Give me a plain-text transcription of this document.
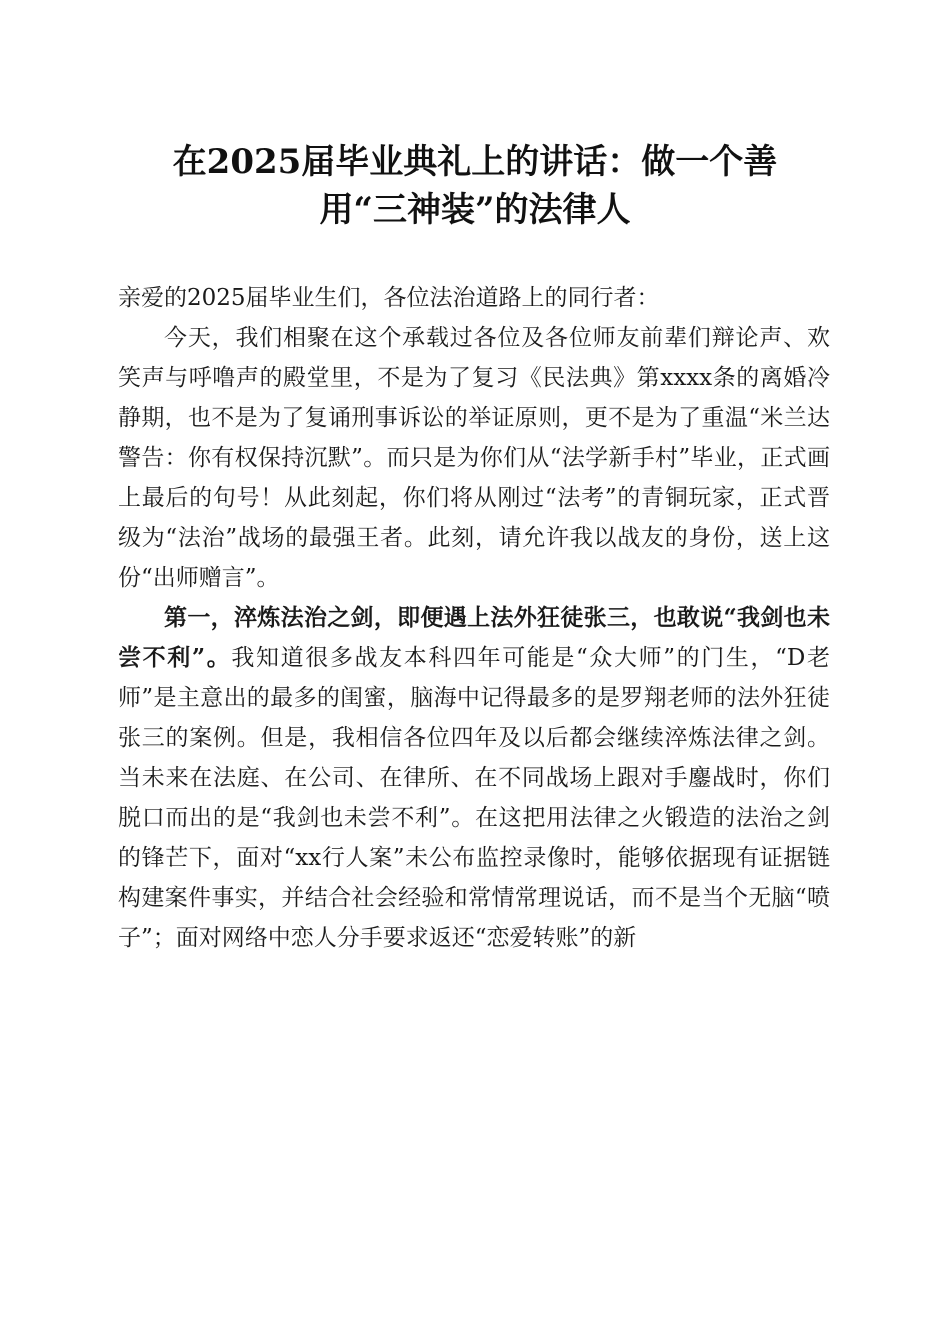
在2025届毕业典礼上的讲话：做一个善
用“三神装”的法律人

亲爱的2025届毕业生们，各位法治道路上的同行者：

今天，我们相聚在这个承载过各位及各位师友前辈们辩论声、欢笑声与呼噜声的殿堂里，不是为了复习《民法典》第xxxx条的离婚冷静期，也不是为了复诵刑事诉讼的举证原则，更不是为了重温“米兰达警告：你有权保持沉默”。而只是为你们从“法学新手村”毕业，正式画上最后的句号！从此刻起，你们将从刚过“法考”的青铜玩家，正式晋级为“法治”战场的最强王者。此刻，请允许我以战友的身份，送上这份“出师赠言”。

第一，淬炼法治之剑，即便遇上法外狂徒张三，也敢说“我剑也未尝不利”。我知道很多战友本科四年可能是“众大师”的门生，“D老师”是主意出的最多的闺蜜，脑海中记得最多的是罗翔老师的法外狂徒张三的案例。但是，我相信各位四年及以后都会继续淬炼法律之剑。当未来在法庭、在公司、在律所、在不同战场上跟对手鏖战时，你们脱口而出的是“我剑也未尝不利”。在这把用法律之火锻造的法治之剑的锋芒下，面对“xx行人案”未公布监控录像时，能够依据现有证据链构建案件事实，并结合社会经验和常情常理说话，而不是当个无脑“喷子”；面对网络中恋人分手要求返还“恋爱转账”的新
